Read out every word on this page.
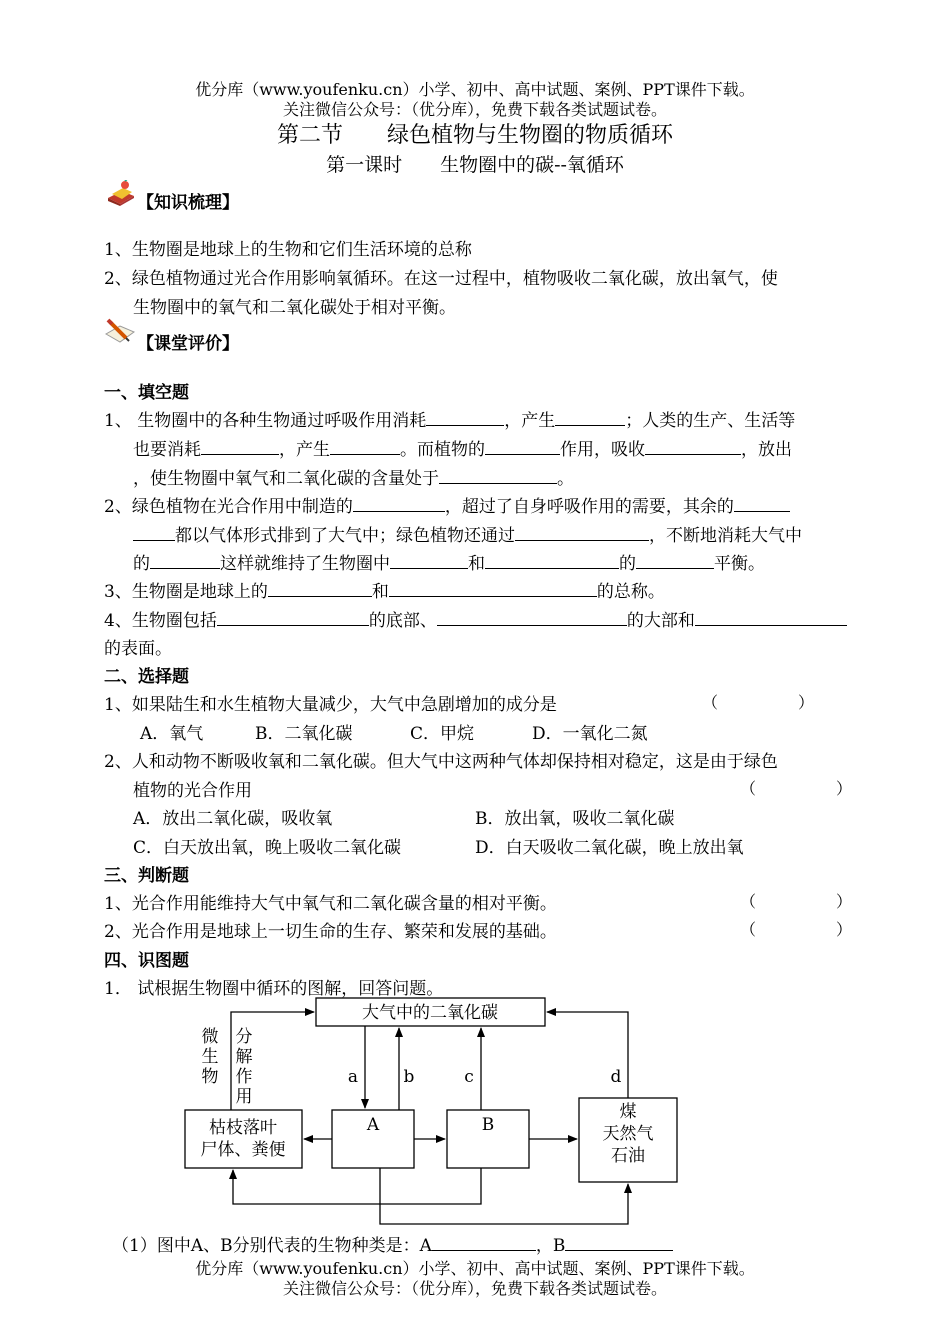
优分库（www.youfenku.cn）小学、初中、高中试题、案例、PPT课件下载。
关注微信公众号：（优分库），免费下载各类试题试卷。
第二节　　绿色植物与生物圈的物质循环
第一课时　　生物圈中的碳--氧循环
【知识梳理】
1、生物圈是地球上的生物和它们生活环境的总称
2、绿色植物通过光合作用影响氧循环。在这一过程中，植物吸收二氧化碳，放出氧气，使
生物圈中的氧气和二氧化碳处于相对平衡。
【课堂评价】
一、填空题
1、 生物圈中的各种生物通过呼吸作用消耗	，产生	；人类的生产、生活等
也要消耗	，产生	。而植物的	作用，吸收	，放出
，使生物圈中氧气和二氧化碳的含量处于	。
2、绿色植物在光合作用中制造的	，超过了自身呼吸作用的需要，其余的
都以气体形式排到了大气中；绿色植物还通过	，不断地消耗大气中
的	这样就维持了生物圈中	和	的	平衡。
3、生物圈是地球上的	和	的总称。
4、生物圈包括	的底部、	的大部和
的表面。
二、选择题
1、如果陆生和水生植物大量减少，大气中急剧增加的成分是	（　　　　　）
A．氧气	B．二氧化碳	C．甲烷	D．一氧化二氮
2、人和动物不断吸收氧和二氧化碳。但大气中这两种气体却保持相对稳定，这是由于绿色
植物的光合作用	（　　　　　）
A．放出二氧化碳，吸收氧	B．放出氧，吸收二氧化碳
C．白天放出氧，晚上吸收二氧化碳	D．白天吸收二氧化碳，晚上放出氧
三、判断题
1、光合作用能维持大气中氧气和二氧化碳含量的相对平衡。	（　　　　　）
2、光合作用是地球上一切生命的生存、繁荣和发展的基础。	（　　　　　）
四、识图题
1． 试根据生物圈中循环的图解，回答问题。
大气中的二氧化碳
微
生
物
分
解
作
用
a	b	c	d
枯枝落叶
尸体、粪便
A	B
煤
天然气
石油
（1）图中A、B分别代表的生物种类是：A	，B
优分库（www.youfenku.cn）小学、初中、高中试题、案例、PPT课件下载。
关注微信公众号：（优分库），免费下载各类试题试卷。
